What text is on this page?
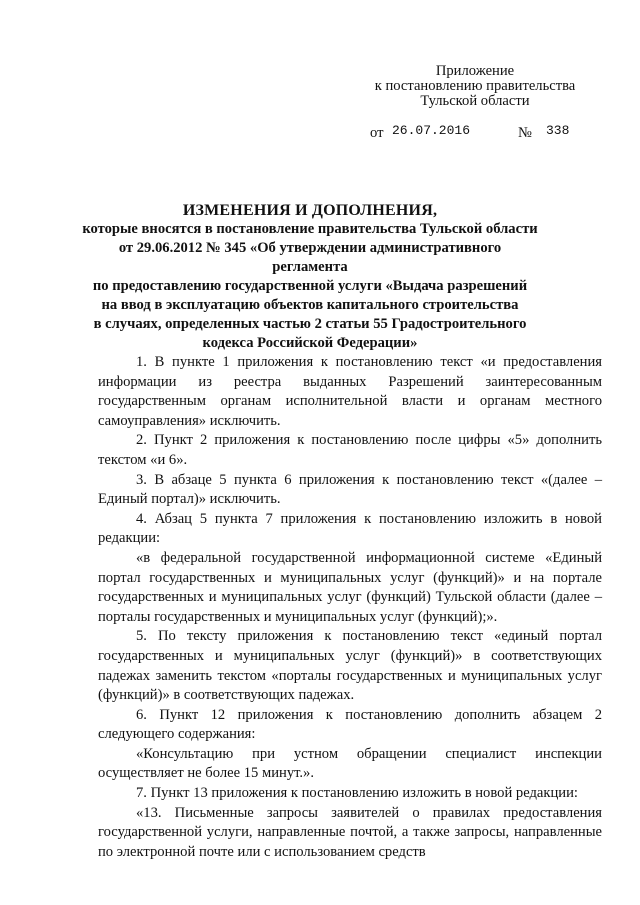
Приложение
к постановлению правительства
Тульской области
от 26.07.2016	№ 338
ИЗМЕНЕНИЯ И ДОПОЛНЕНИЯ,
которые вносятся в постановление правительства Тульской области
от 29.06.2012 № 345 «Об утверждении административного регламента
по предоставлению государственной услуги «Выдача разрешений
на ввод в эксплуатацию объектов капитального строительства
в случаях, определенных частью 2 статьи 55 Градостроительного
кодекса Российской Федерации»

1. В пункте 1 приложения к постановлению текст «и предоставления информации из реестра выданных Разрешений заинтересованным государственным органам исполнительной власти и органам местного самоуправления» исключить.

2. Пункт 2 приложения к постановлению после цифры «5» дополнить текстом «и 6».

3. В абзаце 5 пункта 6 приложения к постановлению текст «(далее – Единый портал)» исключить.

4. Абзац 5 пункта 7 приложения к постановлению изложить в новой редакции:

«в федеральной государственной информационной системе «Единый портал государственных и муниципальных услуг (функций)» и на портале государственных и муниципальных услуг (функций) Тульской области (далее – порталы государственных и муниципальных услуг (функций);».

5. По тексту приложения к постановлению текст «единый портал государственных и муниципальных услуг (функций)» в соответствующих падежах заменить текстом «порталы государственных и муниципальных услуг (функций)» в соответствующих падежах.

6. Пункт 12 приложения к постановлению дополнить абзацем 2 следующего содержания:

«Консультацию при устном обращении специалист инспекции осуществляет не более 15 минут.».

7. Пункт 13 приложения к постановлению изложить в новой редакции:

«13. Письменные запросы заявителей о правилах предоставления государственной услуги, направленные почтой, а также запросы, направленные по электронной почте или с использованием средств
